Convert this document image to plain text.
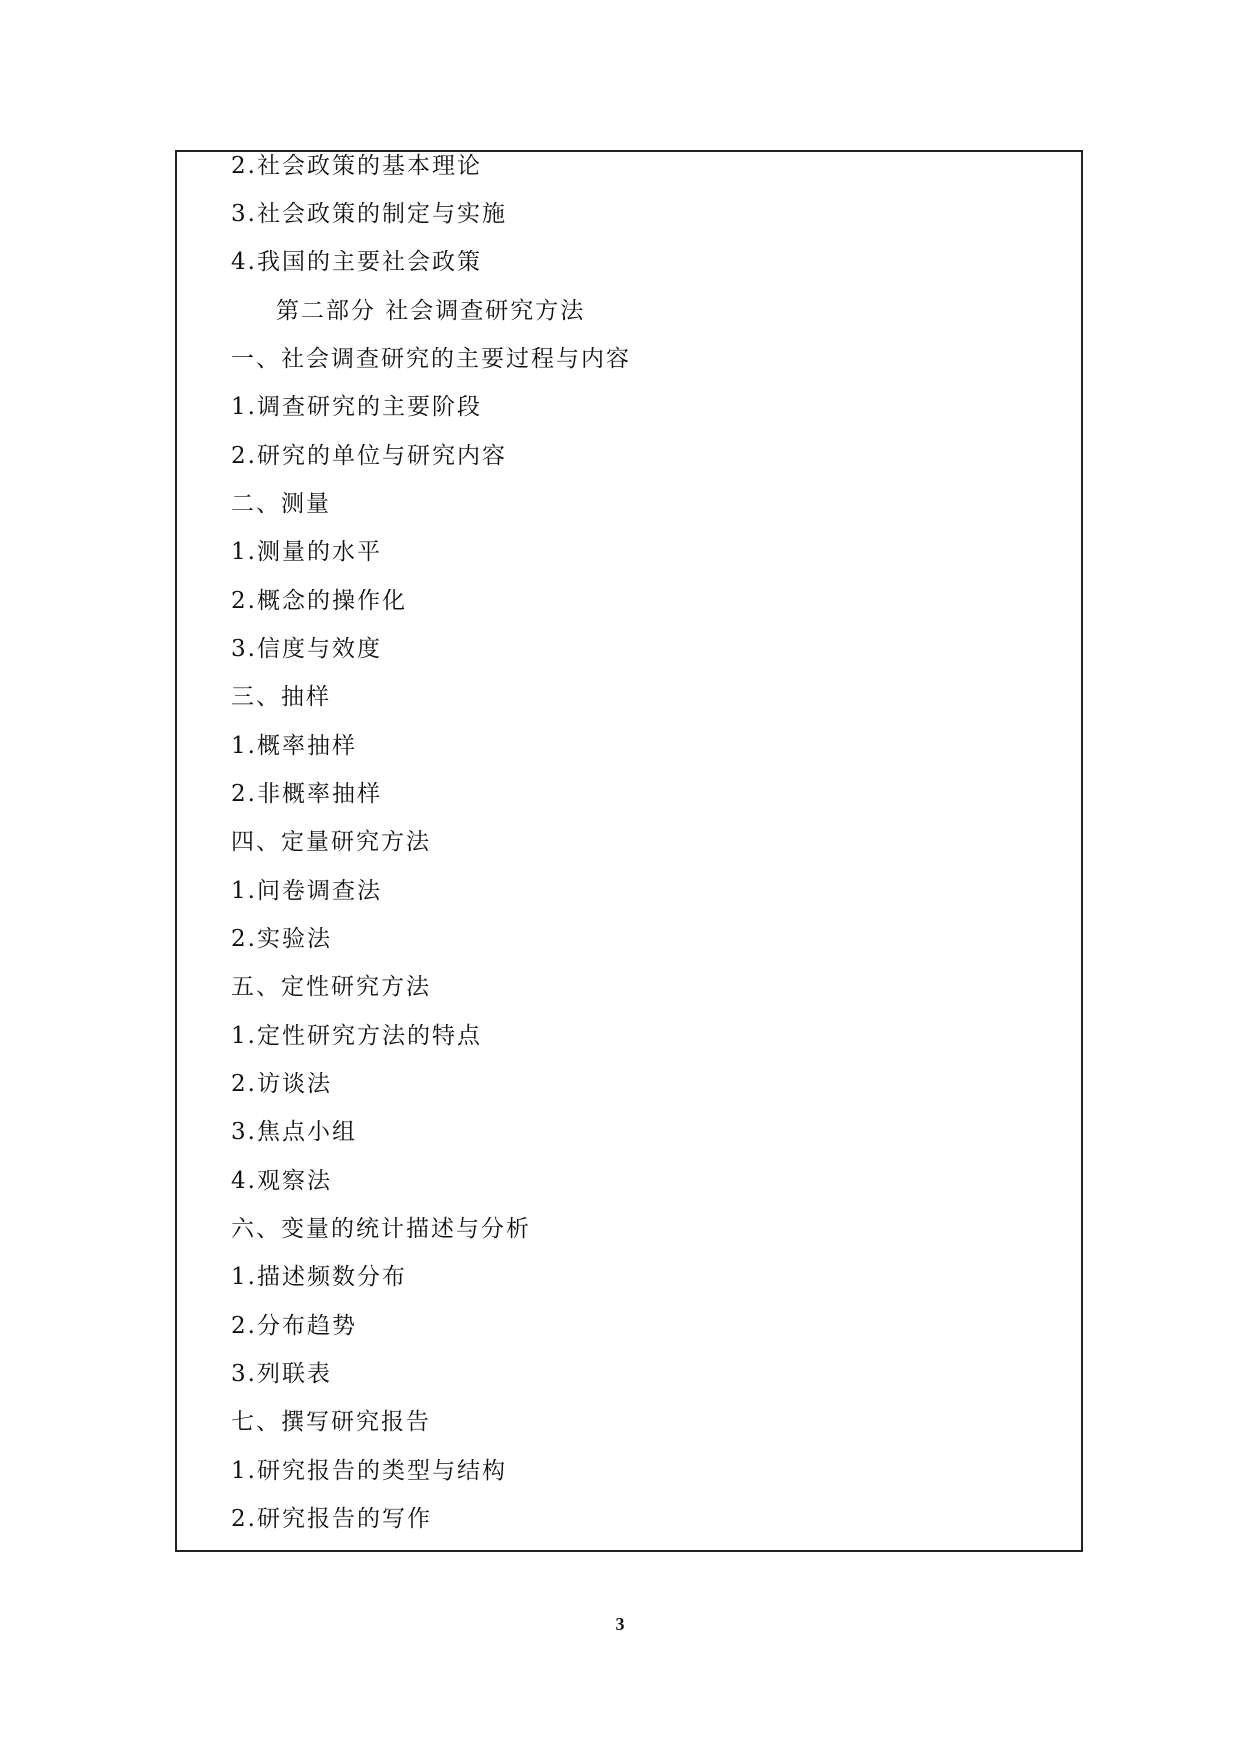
2.社会政策的基本理论
3.社会政策的制定与实施
4.我国的主要社会政策
第二部分 社会调查研究方法
一、社会调查研究的主要过程与内容
1.调查研究的主要阶段
2.研究的单位与研究内容
二、测量
1.测量的水平
2.概念的操作化
3.信度与效度
三、抽样
1.概率抽样
2.非概率抽样
四、定量研究方法
1.问卷调查法
2.实验法
五、定性研究方法
1.定性研究方法的特点
2.访谈法
3.焦点小组
4.观察法
六、变量的统计描述与分析
1.描述频数分布
2.分布趋势
3.列联表
七、撰写研究报告
1.研究报告的类型与结构
2.研究报告的写作
3
